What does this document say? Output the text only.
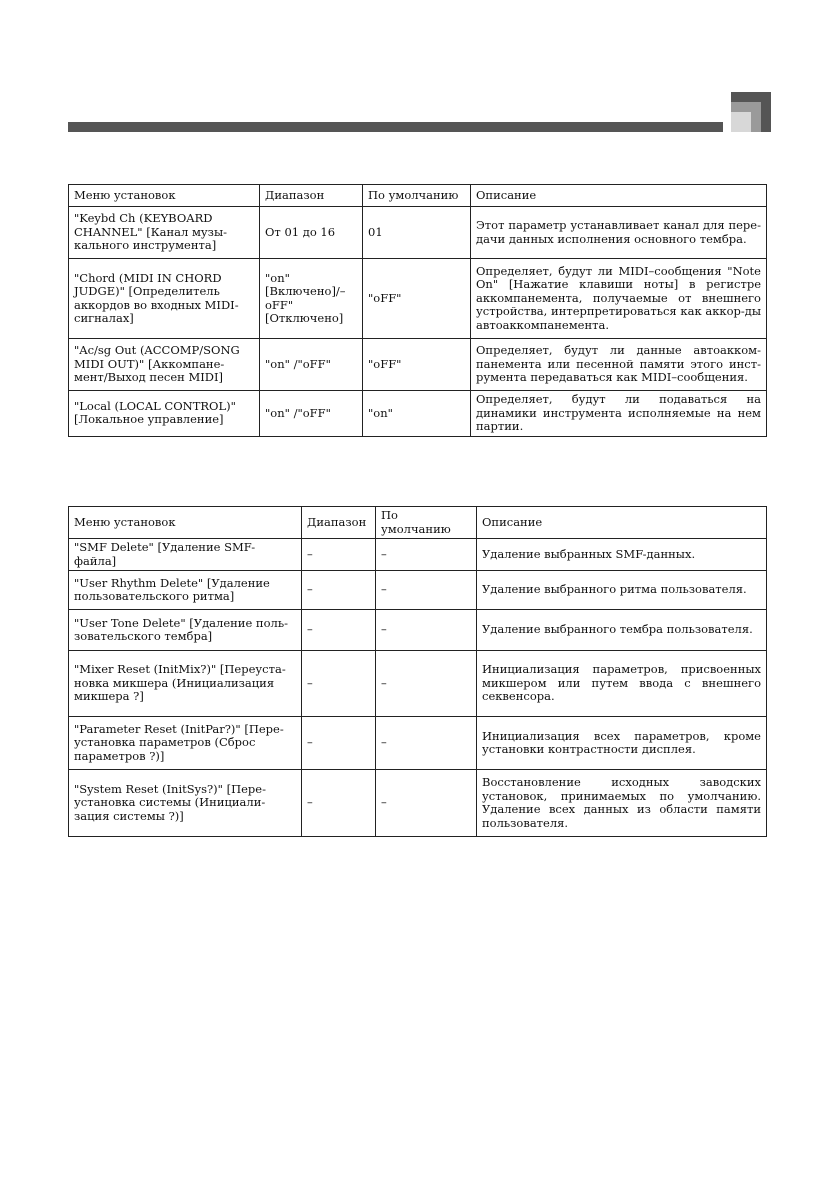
Меню установок	Диапазон	По умолчанию	Описание
"Keybd Ch (KEYBOARD CHANNEL" [Канал музы-кального инструмента]	От 01 до 16	01	Этот параметр устанавливает канал для пере-дачи данных исполнения основного тембра.
"Chord (MIDI IN CHORD JUDGE)" [Определитель аккордов во входных MIDI-сигналах]	"on" [Включено]/–oFF" [Отключено]	"oFF"	Определяет, будут ли MIDI–сообщения "Note On" [Нажатие клавиши ноты] в регистре аккомпанемента, получаемые от внешнего устройства, интерпретироваться как аккор-ды автоаккомпанемента.
"Ac/sg Out (ACCOMP/SONG MIDI OUT)" [Аккомпане-мент/Выход песен MIDI]	"on" /"oFF"	"oFF"	Определяет, будут ли данные автоакком-панемента или песенной памяти этого инст-румента передаваться как MIDI–сообщения.
"Local (LOCAL CONTROL)" [Локальное управление]	"on" /"oFF"	"on"	Определяет, будут ли подаваться на динамики инструмента исполняемые на нем партии.
Меню установок	Диапазон	По умолчанию	Описание
"SMF Delete" [Удаление SMF-файла]	–	–	Удаление выбранных SMF-данных.
"User Rhythm Delete" [Удаление пользовательского ритма]	–	–	Удаление выбранного ритма пользователя.
"User Tone Delete" [Удаление поль-зовательского тембра]	–	–	Удаление выбранного тембра пользователя.
"Mixer Reset (InitMix?)" [Переуста-новка микшера (Инициализация микшера ?]	–	–	Инициализация параметров, присвоенных микшером или путем ввода с внешнего секвенсора.
"Parameter Reset (InitPar?)" [Пере-установка параметров (Сброс параметров ?)]	–	–	Инициализация всех параметров, кроме установки контрастности дисплея.
"System Reset (InitSys?)" [Пере-установка системы (Инициали-зация системы ?)]	–	–	Восстановление исходных заводских установок, принимаемых по умолчанию. Удаление всех данных из области памяти пользователя.
